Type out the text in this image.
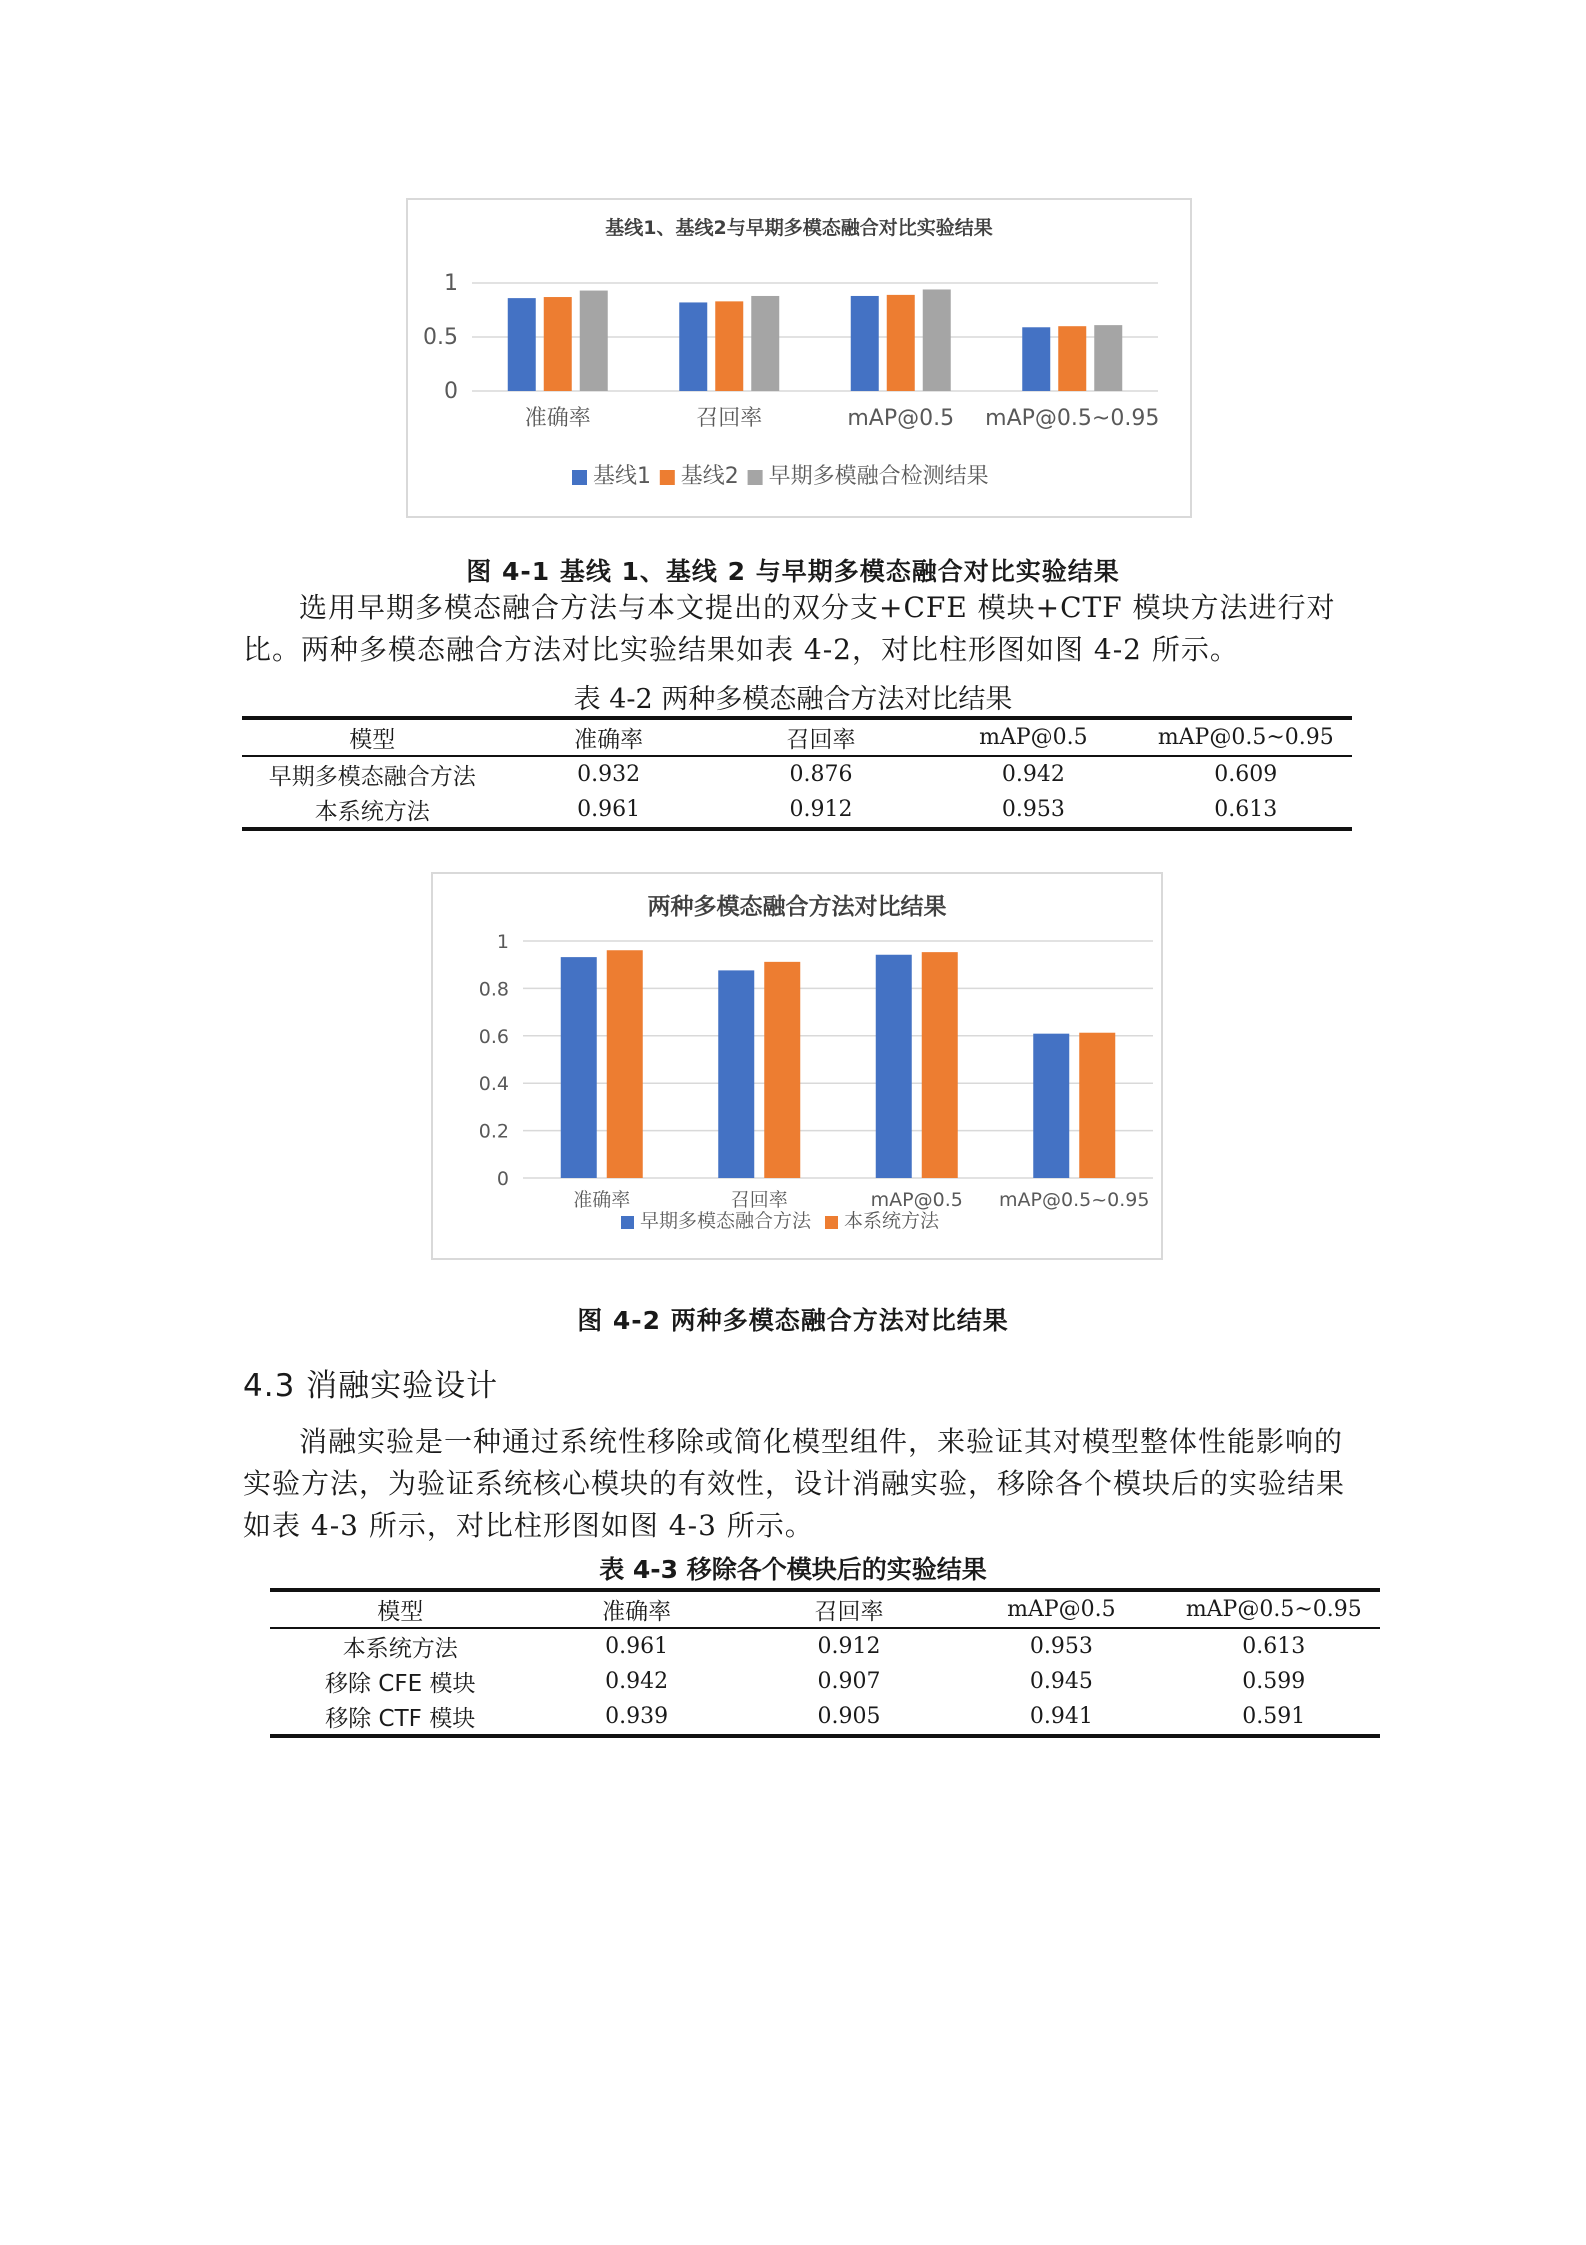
基线1、基线2与早期多模态融合对比实验结果
0
0.5
1
准确率	召回率	mAP@0.5 mAP@0.5~0.95
基线1 基线2 早期多模融合检测结果
图 4-1 基线 1、基线 2 与早期多模态融合对比实验结果

选用早期多模态融合方法与本文提出的双分支+CFE 模块+CTF 模块方法进行对比。两种多模态融合方法对比实验结果如表 4-2，对比柱形图如图 4-2 所示。

表 4-2 两种多模态融合方法对比结果
模型	准确率	召回率	mAP@0.5	mAP@0.5~0.95
早期多模态融合方法	0.932	0.876	0.942	0.609
本系统方法	0.961	0.912	0.953	0.613
两种多模态融合方法对比结果
0
0.2
0.4
0.6
0.8
1
准确率	召回率	mAP@0.5 mAP@0.5~0.95
早期多模态融合方法 本系统方法
图 4-2 两种多模态融合方法对比结果
4.3 消融实验设计

消融实验是一种通过系统性移除或简化模型组件，来验证其对模型整体性能影响的实验方法，为验证系统核心模块的有效性，设计消融实验，移除各个模块后的实验结果如表 4-3 所示，对比柱形图如图 4-3 所示。

表 4-3 移除各个模块后的实验结果
模型	准确率	召回率	mAP@0.5	mAP@0.5~0.95
本系统方法	0.961	0.912	0.953	0.613
移除 CFE 模块	0.942	0.907	0.945	0.599
移除 CTF 模块	0.939	0.905	0.941	0.591
